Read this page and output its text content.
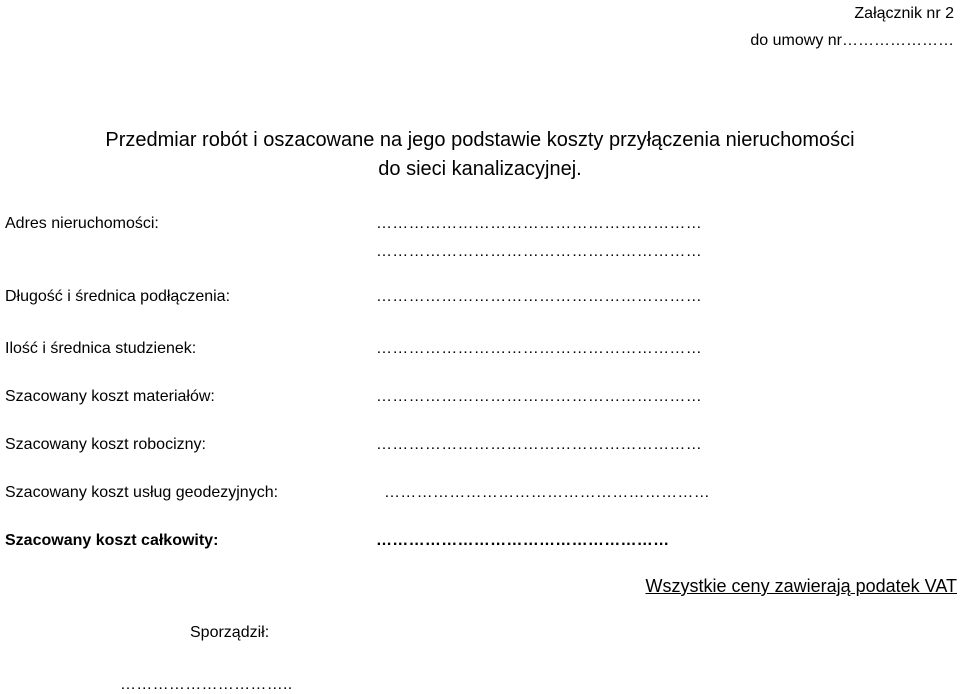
Załącznik nr 2
do umowy nr…………………
Przedmiar robót i oszacowane na jego podstawie koszty przyłączenia nieruchomości
do sieci kanalizacyjnej.
Adres nieruchomości:	……………………………………………………
……………………………………………………
Długość i średnica podłączenia:	……………………………………………………
Ilość i średnica studzienek:	……………………………………………………
Szacowany koszt materiałów:	……………………………………………………
Szacowany koszt robocizny:	……………………………………………………
Szacowany koszt usług geodezyjnych:	……………………………………………………
Szacowany koszt całkowity:	………………………………………………
Wszystkie ceny zawierają podatek VAT
Sporządził:
…………………………..
